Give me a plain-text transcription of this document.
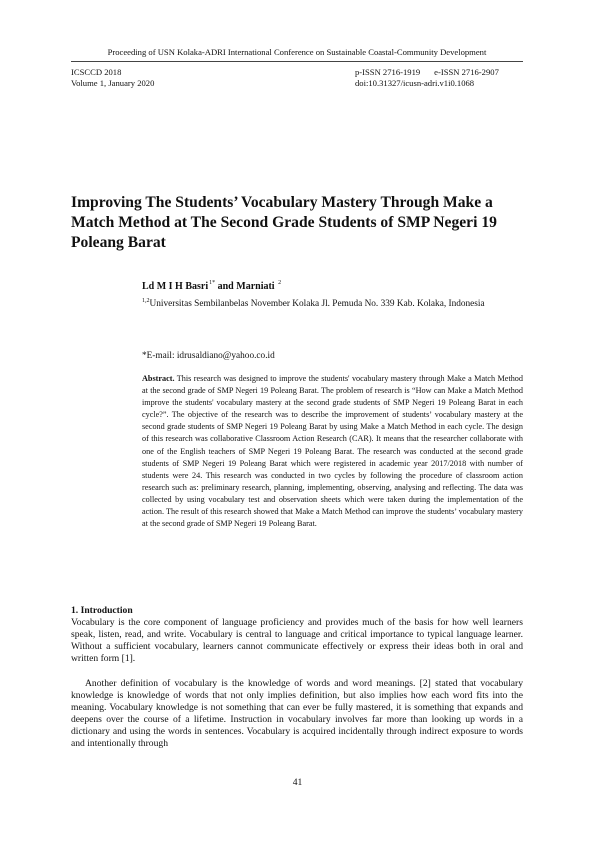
Proceeding of USN Kolaka-ADRI International Conference on Sustainable Coastal-Community Development
ICSCCD 2018
Volume 1, January 2020
p-ISSN 2716-1919 e-ISSN 2716-2907
doi:10.31327/icusn-adri.v1i0.1068
Improving The Students’ Vocabulary Mastery Through Make a Match Method at The Second Grade Students of SMP Negeri 19 Poleang Barat
Ld M I H Basri$^{1*}$ and Marniati $^2$
$^{1,2}$Universitas Sembilanbelas November Kolaka Jl. Pemuda No. 339 Kab. Kolaka, Indonesia
*E-mail: idrusaldiano@yahoo.co.id
Abstract. This research was designed to improve the students' vocabulary mastery through Make a Match Method at the second grade of SMP Negeri 19 Poleang Barat. The problem of research is “How can Make a Match Method improve the students' vocabulary mastery at the second grade students of SMP Negeri 19 Poleang Barat in each cycle?”. The objective of the research was to describe the improvement of students’ vocabulary mastery at the second grade students of SMP Negeri 19 Poleang Barat by using Make a Match Method in each cycle. The design of this research was collaborative Classroom Action Research (CAR). It means that the researcher collaborate with one of the English teachers of SMP Negeri 19 Poleang Barat. The research was conducted at the second grade students of SMP Negeri 19 Poleang Barat which were registered in academic year 2017/2018 with number of students were 24. This research was conducted in two cycles by following the procedure of classroom action research such as: preliminary research, planning, implementing, observing, analysing and reflecting. The data was collected by using vocabulary test and observation sheets which were taken during the implementation of the action. The result of this research showed that Make a Match Method can improve the students’ vocabulary mastery at the second grade of SMP Negeri 19 Poleang Barat.
1. Introduction
Vocabulary is the core component of language proficiency and provides much of the basis for how well learners speak, listen, read, and write. Vocabulary is central to language and critical importance to typical language learner. Without a sufficient vocabulary, learners cannot communicate effectively or express their ideas both in oral and written form [1].
Another definition of vocabulary is the knowledge of words and word meanings. [2] stated that vocabulary knowledge is knowledge of words that not only implies definition, but also implies how each word fits into the meaning. Vocabulary knowledge is not something that can ever be fully mastered, it is something that expands and deepens over the course of a lifetime. Instruction in vocabulary involves far more than looking up words in a dictionary and using the words in sentences. Vocabulary is acquired incidentally through indirect exposure to words and intentionally through
41
